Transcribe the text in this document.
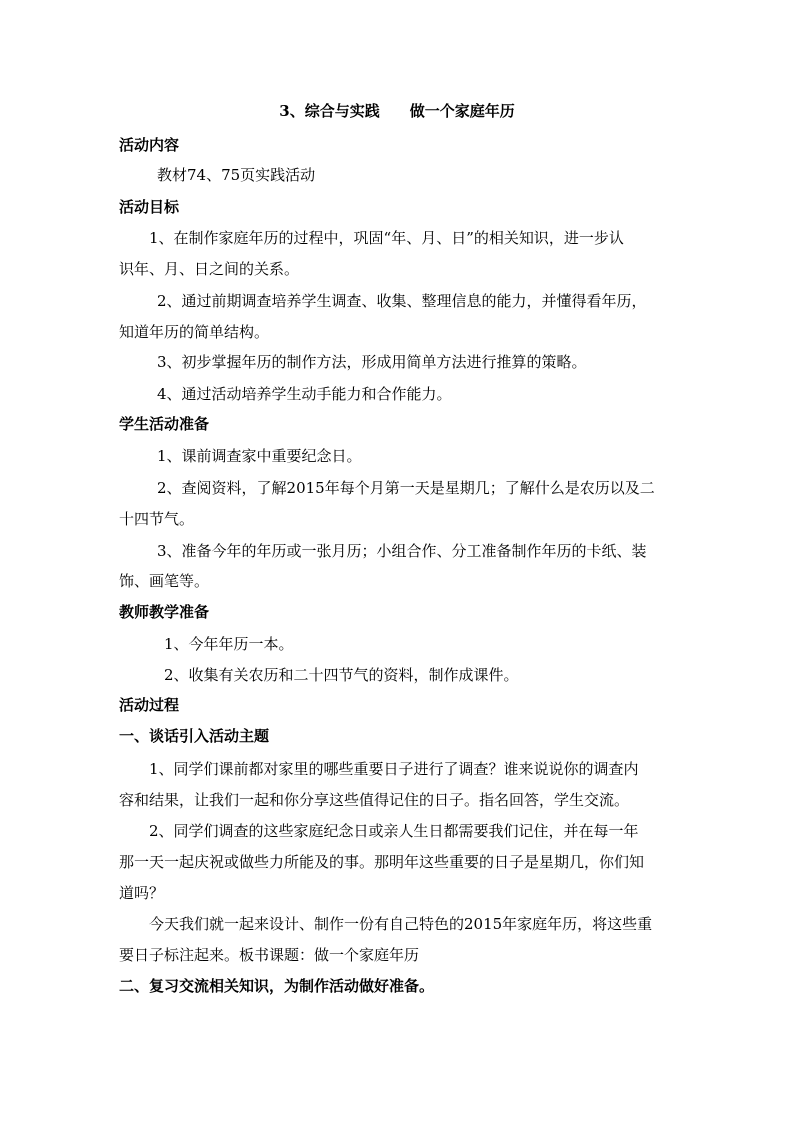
3、综合与实践　　做一个家庭年历
活动内容
教材74、75页实践活动
活动目标
1、在制作家庭年历的过程中，巩固“年、月、日”的相关知识，进一步认
识年、月、日之间的关系。
2、通过前期调查培养学生调查、收集、整理信息的能力，并懂得看年历，
知道年历的简单结构。
3、初步掌握年历的制作方法，形成用简单方法进行推算的策略。
4、通过活动培养学生动手能力和合作能力。
学生活动准备
1、课前调查家中重要纪念日。
2、查阅资料，了解2015年每个月第一天是星期几；了解什么是农历以及二
十四节气。
3、准备今年的年历或一张月历；小组合作、分工准备制作年历的卡纸、装
饰、画笔等。
教师教学准备
1、今年年历一本。
2、收集有关农历和二十四节气的资料，制作成课件。
活动过程
一、谈话引入活动主题
1、同学们课前都对家里的哪些重要日子进行了调查？谁来说说你的调查内
容和结果，让我们一起和你分享这些值得记住的日子。指名回答，学生交流。
2、同学们调查的这些家庭纪念日或亲人生日都需要我们记住，并在每一年
那一天一起庆祝或做些力所能及的事。那明年这些重要的日子是星期几，你们知
道吗？
今天我们就一起来设计、制作一份有自己特色的2015年家庭年历，将这些重
要日子标注起来。板书课题：做一个家庭年历
二、复习交流相关知识，为制作活动做好准备。
